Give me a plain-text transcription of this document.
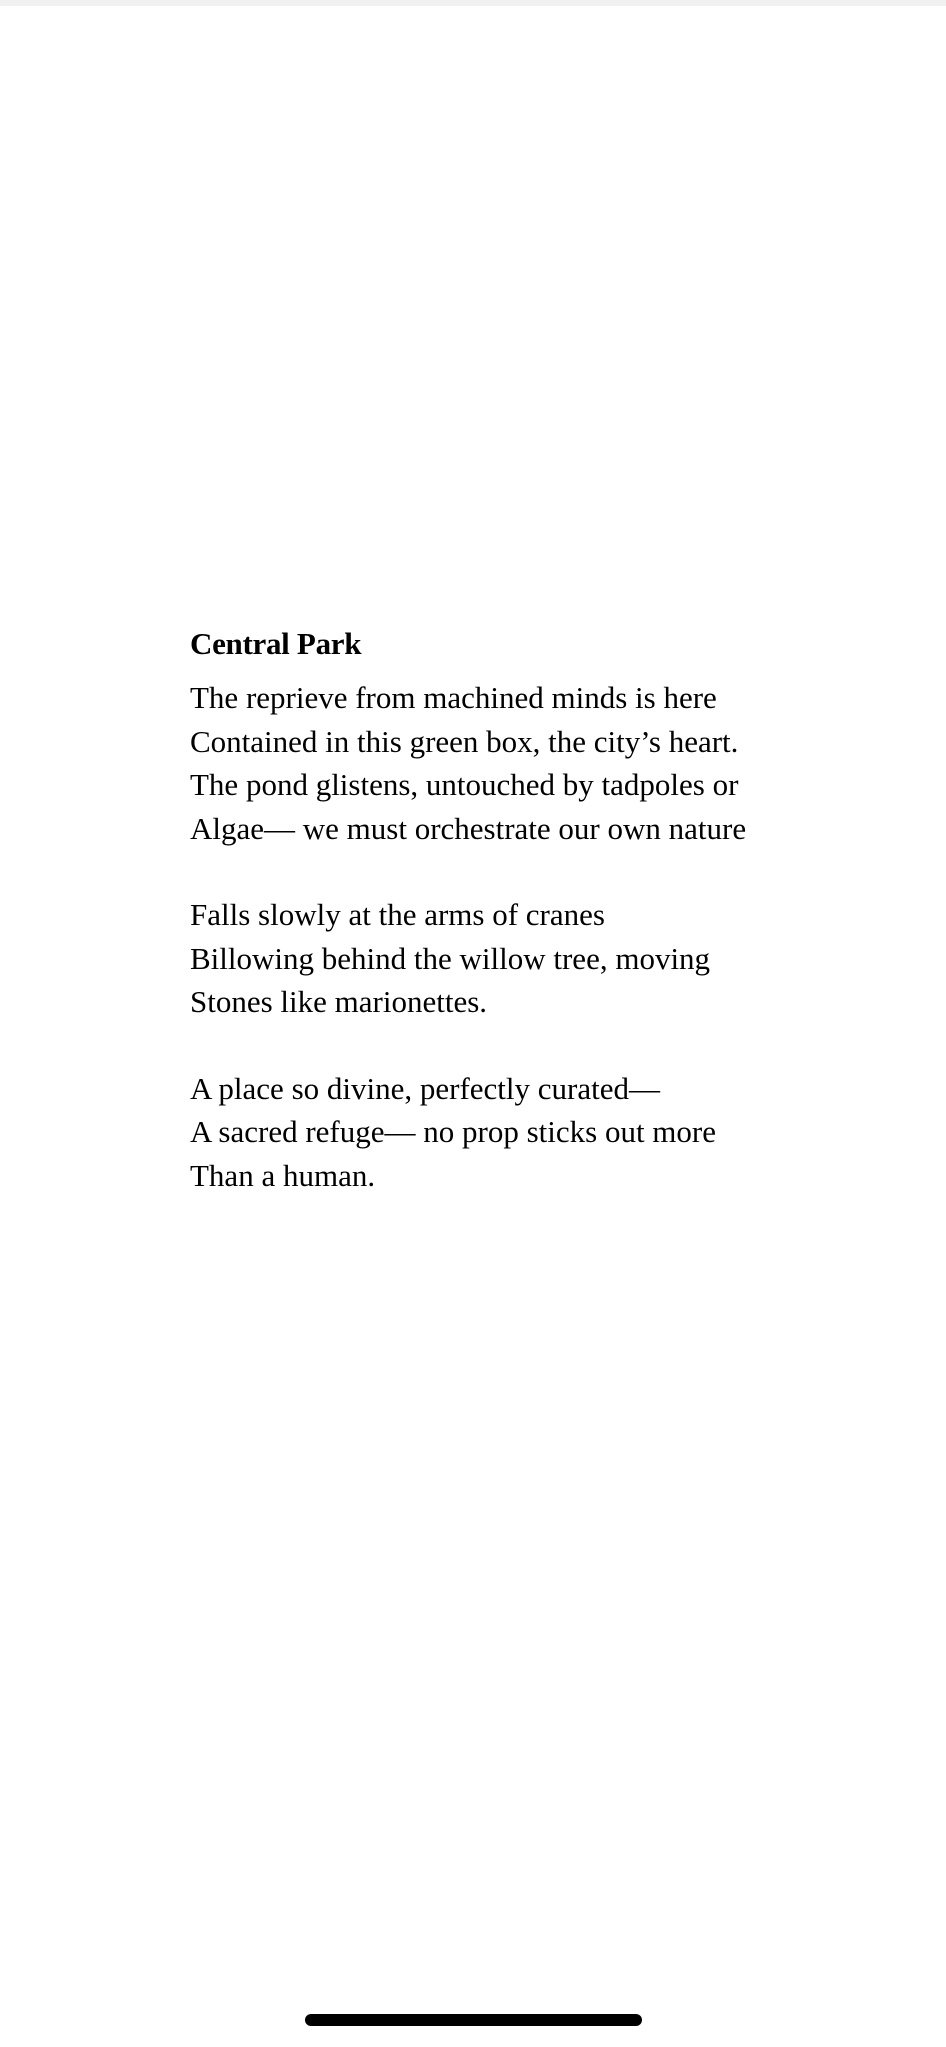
Central Park
The reprieve from machined minds is here
Contained in this green box, the city’s heart.
The pond glistens, untouched by tadpoles or
Algae— we must orchestrate our own nature
Falls slowly at the arms of cranes
Billowing behind the willow tree, moving
Stones like marionettes.
A place so divine, perfectly curated—
A sacred refuge— no prop sticks out more
Than a human.
